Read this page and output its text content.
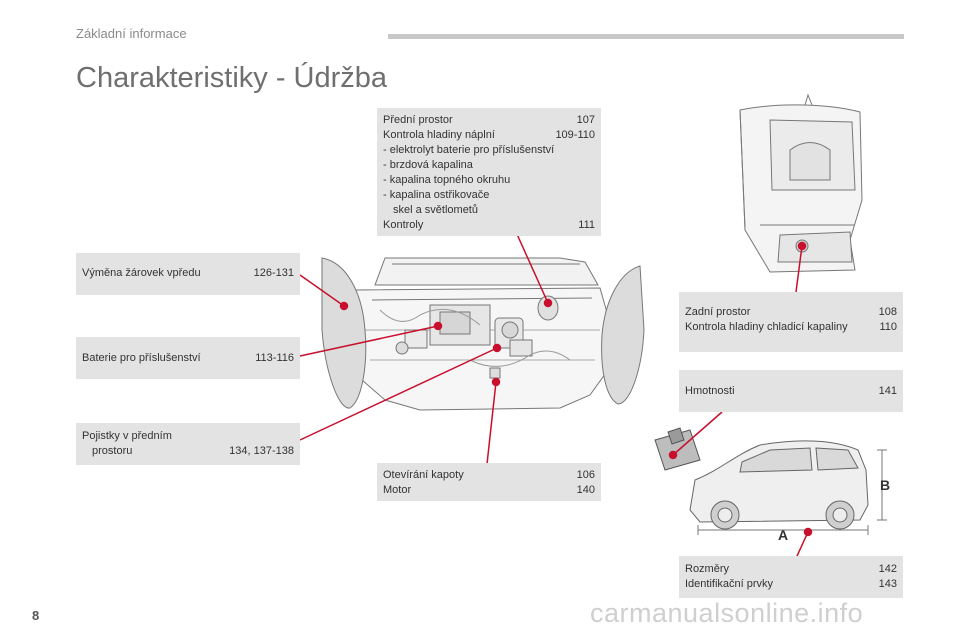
Základní informace
Charakteristiky - Údržba
A
B
Výměna žárovek vpředu	126-131
Baterie pro příslušenství	113-116
Pojistky v předním
prostoru	134, 137-138
Přední prostor	107
Kontrola hladiny náplní	109-110
- elektrolyt baterie pro příslušenství
- brzdová kapalina
- kapalina topného okruhu
- kapalina ostřikovače
skel a světlometů
Kontroly	111
Otevírání kapoty	106
Motor	140
Zadní prostor	108
Kontrola hladiny chladicí kapaliny	110
Hmotnosti	141
Rozměry	142
Identifikační prvky	143
8	carmanualsonline.info
